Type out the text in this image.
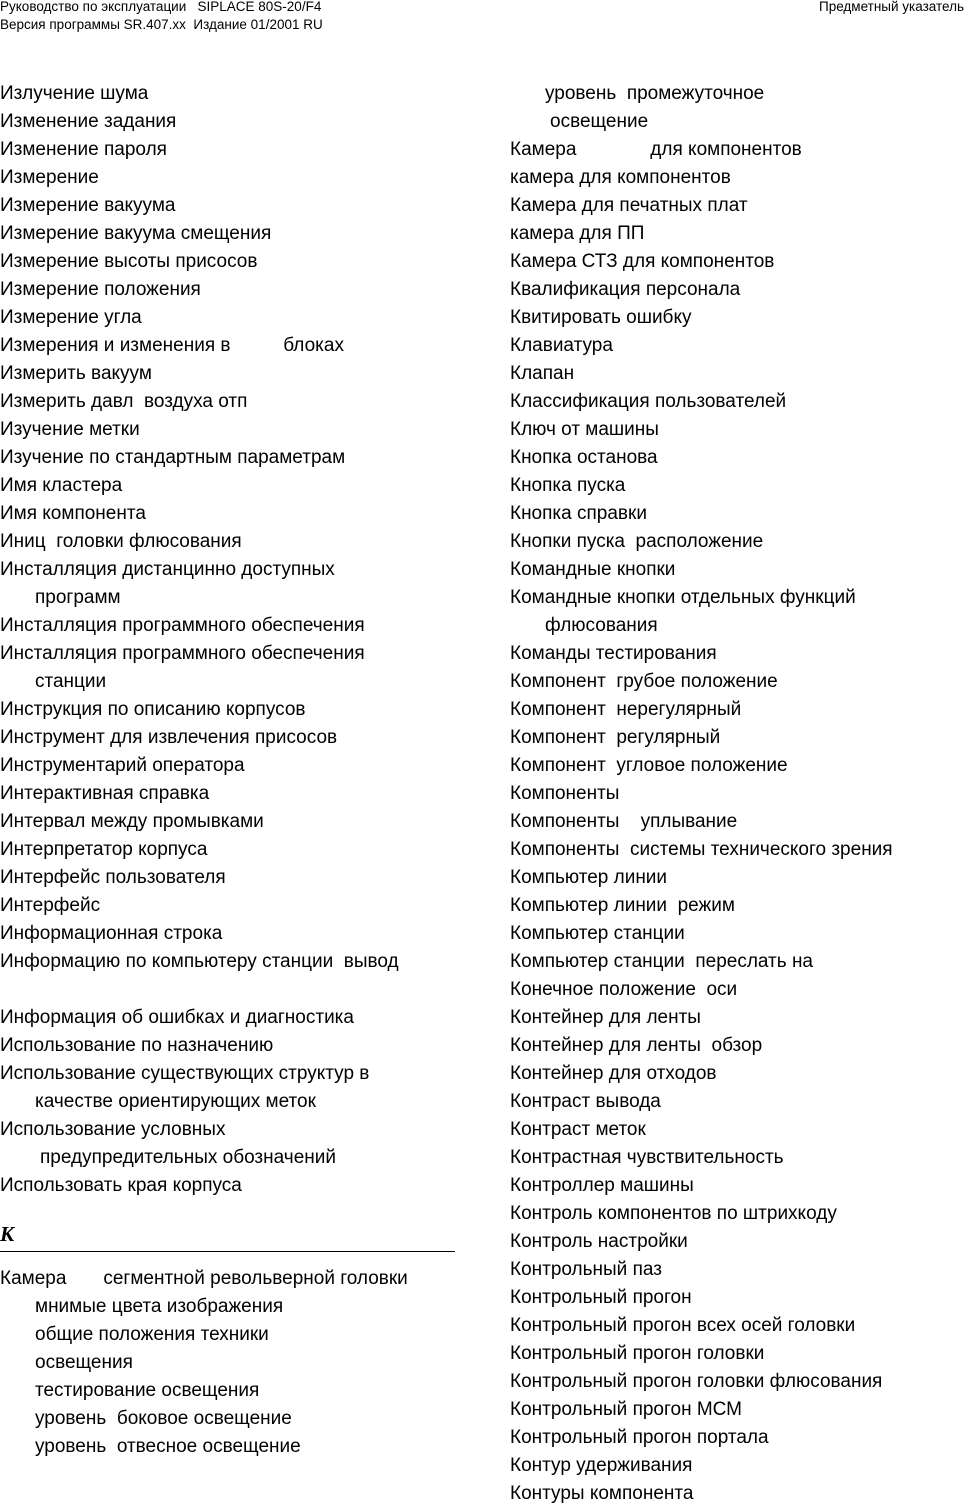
Руководство по эксплуатации   SIPLACE 80S-20/F4
Версия программы SR.407.xx  Издание 01/2001 RU
Предметный указатель
Излучение шума
Изменение задания
Изменение пароля
Измерение
Измерение вакуума
Измерение вакуума смещения
Измерение высоты присосов
Измерение положения
Измерение угла
Измерения и изменения в          блоках
Измерить вакуум
Измерить давл  воздуха отп
Изучение метки
Изучение по стандартным параметрам
Имя кластера
Имя компонента
Иниц  головки флюсования
Инсталляция дистанцинно доступных
программ
Инсталляция программного обеспечения
Инсталляция программного обеспечения
станции
Инструкция по описанию корпусов
Инструмент для извлечения присосов
Инструментарий оператора
Интерактивная справка
Интервал между промывками
Интерпретатор корпуса
Интерфейс пользователя
Интерфейс
Информационная строка
Информацию по компьютеру станции  вывод
Информация об ошибках и диагностика
Использование по назначению
Использование существующих структур в
качестве ориентирующих меток
Использование условных
предупредительных обозначений
Использовать края корпуса
Камера       сегментной револьверной головки
мнимые цвета изображения
общие положения техники
освещения
тестирование освещения
уровень  боковое освещение
уровень  отвесное освещение
К
уровень  промежуточное
освещение
Камера              для компонентов
камера для компонентов
Камера для печатных плат
камера для ПП
Камера СТЗ для компонентов
Квалификация персонала
Квитировать ошибку
Клавиатура
Клапан
Классификация пользователей
Ключ от машины
Кнопка останова
Кнопка пуска
Кнопка справки
Кнопки пуска  расположение
Командные кнопки
Командные кнопки отдельных функций
флюсования
Команды тестирования
Компонент  грубое положение
Компонент  нерегулярный
Компонент  регулярный
Компонент  угловое положение
Компоненты
Компоненты    уплывание
Компоненты  системы технического зрения
Компьютер линии
Компьютер линии  режим
Компьютер станции
Компьютер станции  переслать на
Конечное положение  оси
Контейнер для ленты
Контейнер для ленты  обзор
Контейнер для отходов
Контраст вывода
Контраст меток
Контрастная чувствительность
Контроллер машины
Контроль компонентов по штрихкоду
Контроль настройки
Контрольный паз
Контрольный прогон
Контрольный прогон всех осей головки
Контрольный прогон головки
Контрольный прогон головки флюсования
Контрольный прогон МСМ
Контрольный прогон портала
Контур удерживания
Контуры компонента
